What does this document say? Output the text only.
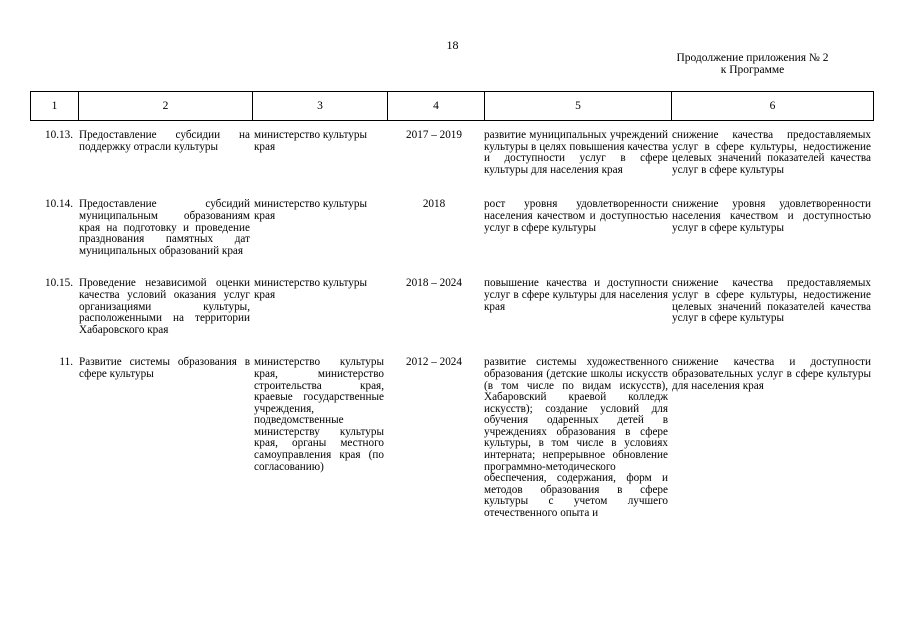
18
Продолжение приложения № 2
к Программе
1	2	3	4	5	6
10.13.	Предоставление субсидии на поддержку отрасли культуры	министерство культуры края	2017 – 2019	развитие муниципальных учреждений культуры в целях повышения качества и доступности услуг в сфере культуры для населения края	снижение качества предоставляемых услуг в сфере культуры, недостижение целевых значений показателей качества услуг в сфере культуры

10.14.	Предоставление субсидий муниципальным образованиям края на подготовку и проведение празднования памятных дат муниципальных образований края	министерство культуры края	2018	рост уровня удовлетворенности населения качеством и доступностью услуг в сфере культуры	снижение уровня удовлетворенности населения качеством и доступностью услуг в сфере культуры

10.15.	Проведение независимой оценки качества условий оказания услуг организациями культуры, расположенными на территории Хабаровского края	министерство культуры края	2018 – 2024	повышение качества и доступности услуг в сфере культуры для населения края	снижение качества предоставляемых услуг в сфере культуры, недостижение целевых значений показателей качества услуг в сфере культуры

11.	Развитие системы образования в сфере культуры	министерство культуры края, министерство строительства края, краевые государственные учреждения, подведомственные министерству культуры края, органы местного самоуправления края (по согласованию)	2012 – 2024	развитие системы художественного образования (детские школы искусств (в том числе по видам искусств), Хабаровский краевой колледж искусств); создание условий для обучения одаренных детей в учреждениях образования в сфере культуры, в том числе в условиях интерната; непрерывное обновление программно-методического обеспечения, содержания, форм и методов образования в сфере культуры с учетом лучшего отечественного опыта и	снижение качества и доступности образовательных услуг в сфере культуры для населения края
